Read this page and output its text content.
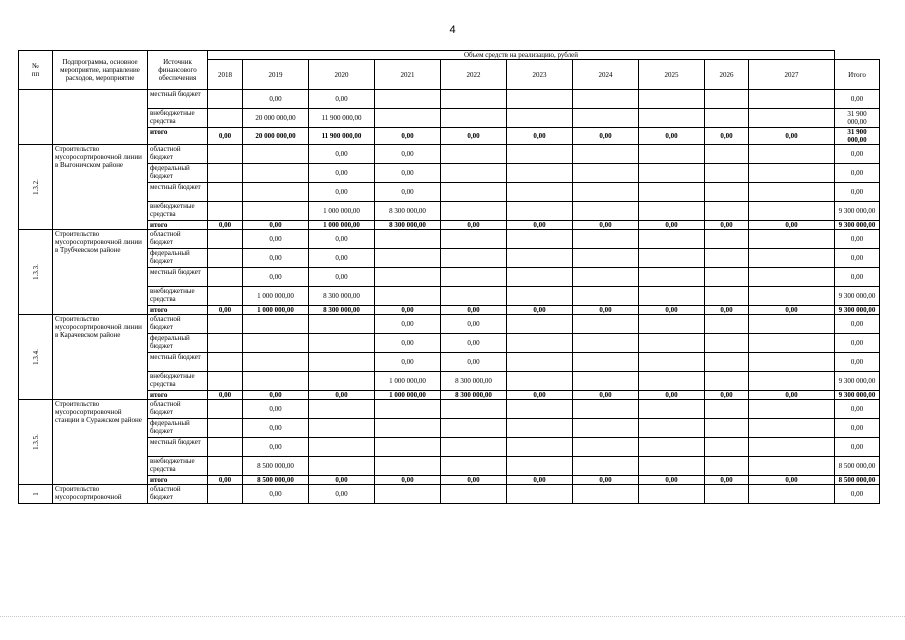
4
№
пп	Подпрограмма, основное мероприятие, направление расходов, мероприятие	Источник финансового обеспечения	Объем средств на реализацию, рублей										
			2018	2019	2020	2021	2022	2023	2024	2025	2026	2027	Итого
		местный бюджет		0,00	0,00								0,00
		внебюджетные средства		20 000 000,00	11 900 000,00								31 900 000,00
		итого	0,00	20 000 000,00	11 900 000,00	0,00	0,00	0,00	0,00	0,00	0,00	0,00	31 900 000,00
1.3.2.	Строительство мусоросортировочной линии в Выгоничском районе	областной бюджет			0,00	0,00							0,00
		федеральный бюджет			0,00	0,00							0,00
		местный бюджет			0,00	0,00							0,00
		внебюджетные средства			1 000 000,00	8 300 000,00							9 300 000,00
		итого	0,00	0,00	1 000 000,00	8 300 000,00	0,00	0,00	0,00	0,00	0,00	0,00	9 300 000,00
1.3.3.	Строительство мусоросортировочной линии в Трубчевском районе	областной бюджет		0,00	0,00								0,00
		федеральный бюджет		0,00	0,00								0,00
		местный бюджет		0,00	0,00								0,00
		внебюджетные средства		1 000 000,00	8 300 000,00								9 300 000,00
		итого	0,00	1 000 000,00	8 300 000,00	0,00	0,00	0,00	0,00	0,00	0,00	0,00	9 300 000,00
1.3.4.	Строительство мусоросортировочной линии в Карачевском районе	областной бюджет				0,00	0,00						0,00
		федеральный бюджет				0,00	0,00						0,00
		местный бюджет				0,00	0,00						0,00
		внебюджетные средства				1 000 000,00	8 300 000,00						9 300 000,00
		итого	0,00	0,00	0,00	1 000 000,00	8 300 000,00	0,00	0,00	0,00	0,00	0,00	9 300 000,00
1.3.5.	Строительство мусоросортировочной станции в Суражском районе	областной бюджет		0,00									0,00
		федеральный бюджет		0,00									0,00
		местный бюджет		0,00									0,00
		внебюджетные средства		8 500 000,00									8 500 000,00
		итого	0,00	8 500 000,00	0,00	0,00	0,00	0,00	0,00	0,00	0,00	0,00	8 500 000,00
1	Строительство мусоросортировочной	областной бюджет		0,00	0,00								0,00
